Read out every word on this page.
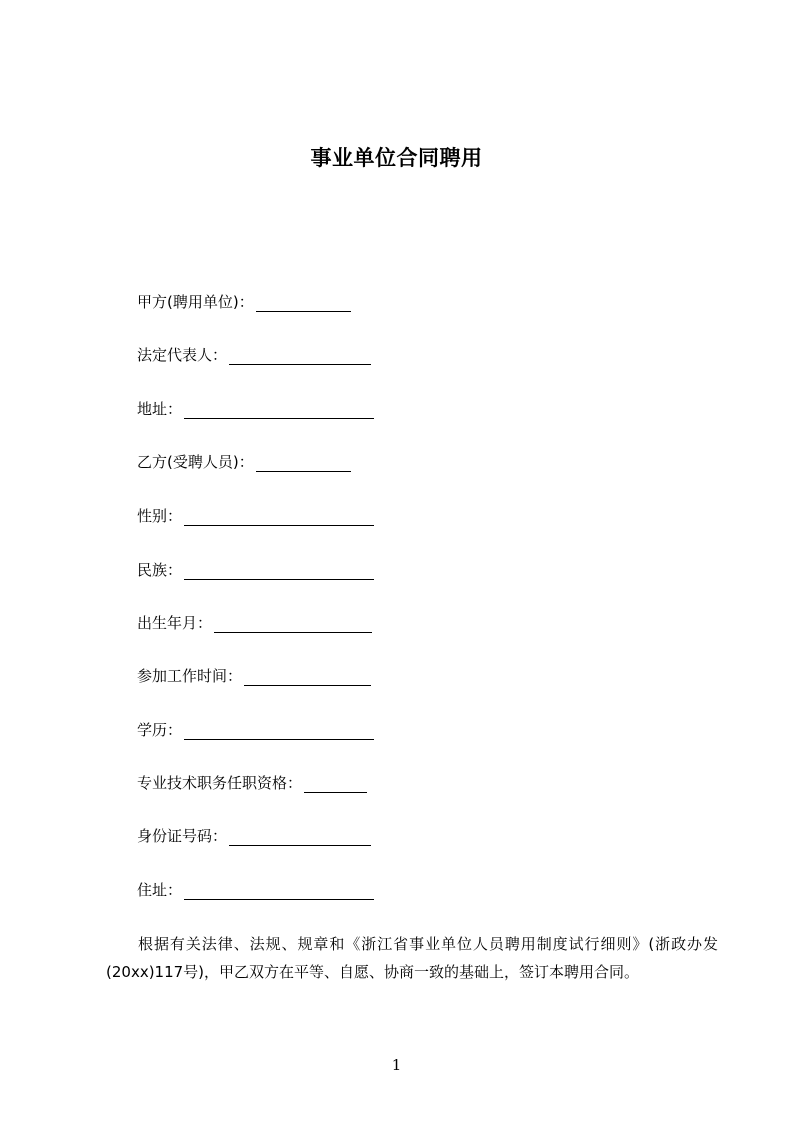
事业单位合同聘用
甲方(聘用单位)：
法定代表人：
地址：
乙方(受聘人员)：
性别：
民族：
出生年月：
参加工作时间：
学历：
专业技术职务任职资格：
身份证号码：
住址：
根据有关法律、法规、规章和《浙江省事业单位人员聘用制度试行细则》(浙政办发(20xx)117号)，甲乙双方在平等、自愿、协商一致的基础上，签订本聘用合同。
1
